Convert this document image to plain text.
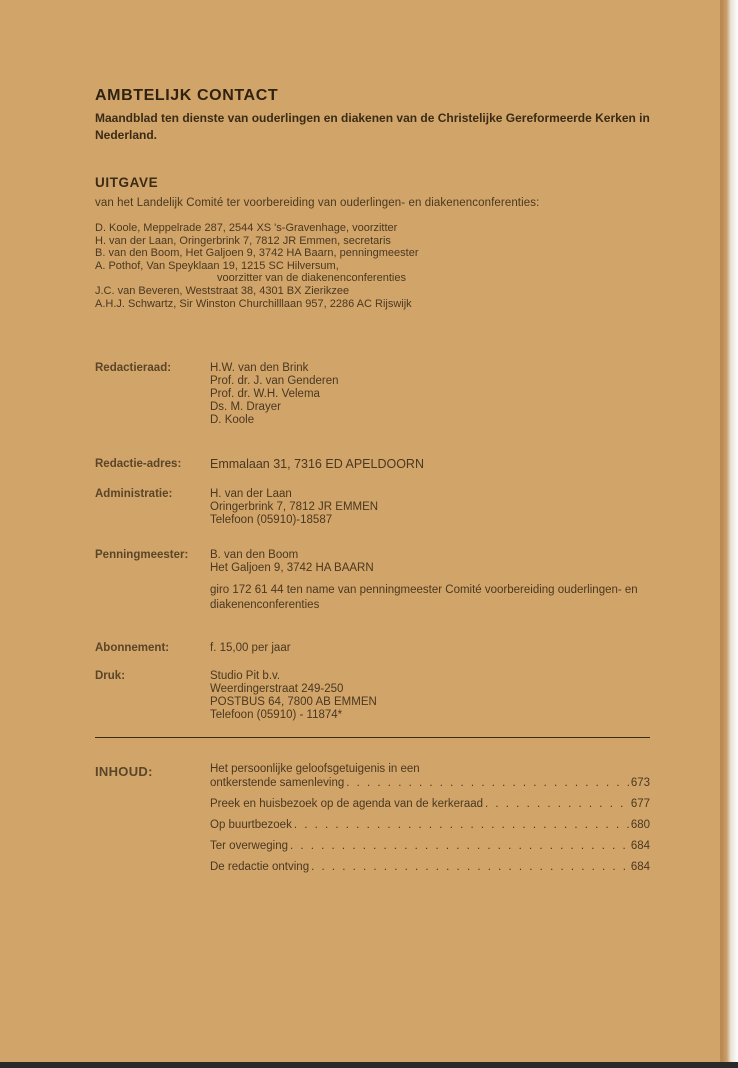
AMBTELIJK CONTACT

Maandblad ten dienste van ouderlingen en diakenen van de Christelijke Gereformeerde Kerken in Nederland.

UITGAVE

van het Landelijk Comité ter voorbereiding van ouderlingen- en diakenenconferenties:

D. Koole, Meppelrade 287, 2544 XS 's-Gravenhage, voorzitter
H. van der Laan, Oringerbrink 7, 7812 JR Emmen, secretaris
B. van den Boom, Het Galjoen 9, 3742 HA Baarn, penningmeester
A. Pothof, Van Speyklaan 19, 1215 SC Hilversum,
voorzitter van de diakenenconferenties
J.C. van Beveren, Weststraat 38, 4301 BX Zierikzee
A.H.J. Schwartz, Sir Winston Churchilllaan 957, 2286 AC Rijswijk
Redactieraad:	H.W. van den Brink
Prof. dr. J. van Genderen
Prof. dr. W.H. Velema
Ds. M. Drayer
D. Koole
Redactie-adres:	Emmalaan 31, 7316 ED APELDOORN
Administratie:	H. van der Laan
Oringerbrink 7, 7812 JR EMMEN
Telefoon (05910)-18587
Penningmeester:	B. van den Boom
Het Galjoen 9, 3742 HA BAARN
giro 172 61 44 ten name van penningmeester Comité voorbereiding ouderlingen- en diakenenconferenties
Abonnement:	f. 15,00 per jaar
Druk:	Studio Pit b.v.
Weerdingerstraat 249-250
POSTBUS 64, 7800 AB EMMEN
Telefoon (05910) - 11874*
INHOUD:	Het persoonlijke geloofsgetuigenis in een
ontkerstende samenleving . . .	673
Preek en huisbezoek op de agenda van de kerkeraad . . .	677
Op buurtbezoek . . .	680
Ter overweging . . .	684
De redactie ontving . . .	684
